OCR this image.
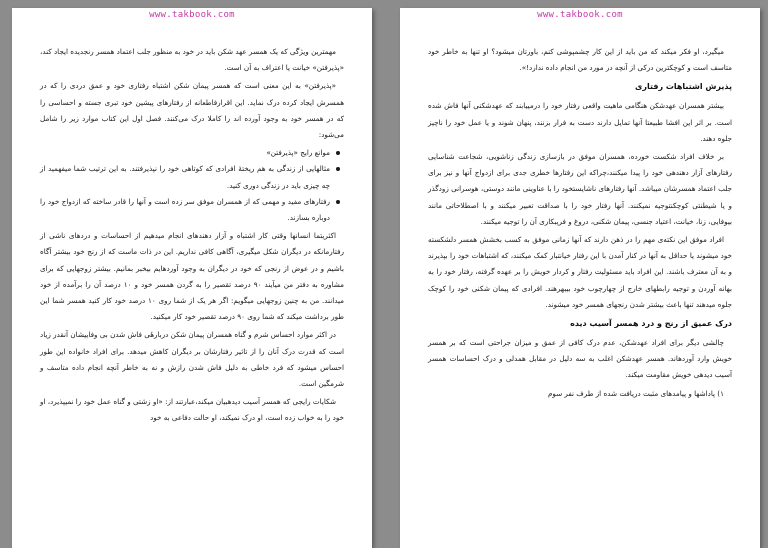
www.takbook.com

مهمترین ویژگی که یک همسر عهد شکن باید در خود به منظور جلب اعتماد همسر رنجدیده ایجاد کند، «پذیرفتن» خیانت یا اعتراف به آن است.

«پذیرفتن» به این معنی است که همسر پیمان شکن اشتباه رفتاری خود و عمق دردی را که در همسرش ایجاد کرده درک نماید. این اقرارفاطعانه از رفتارهای پیشین خود تبری جسته و احساسی را که در همسر خود به وجود آورده اند را کاملا درک می‌کنند. فصل اول این کتاب موارد زیر را شامل می‌شود:

موانع رایج «پذیرفتن»
مثالهایی از زندگی به هم ریختهٔ افرادی که کوتاهی خود را نپذیرفتند. به این ترتیب شما میفهمید از چه چیزی باید در زندگی دوری کنید.
رفتارهای مفید و مهمی که از همسران موفق سر زده است و آنها را قادر ساخته که ازدواج خود را دوباره بسازند.

اکثریتما انسانها وقتی کار اشتباه و آزار دهندهای انجام میدهیم از احساسات و دردهای ناشی از رفتارمانکه در دیگران شکل میگیری، آگاهی کافی نداریم. این در ذات ماست که از رنج خود بیشتر آگاه باشیم و در عوض از رنجی که خود در دیگران به وجود آوردهایم بیخبر بمانیم. بیشتر زوجهایی که برای مشاوره به دفتر من میآیند ۹۰ درصد تقصیر را به گردن همسر خود و ۱۰ درصد آن را برآمده از خود میدانند. من به چنین زوجهایی میگویم: اگر هر یک از شما روی ۱۰ درصد خود کار کنید همسر شما این طور برداشت میکند که شما روی ۹۰ درصد تقصیر خود کار میکنید.

در اکثر موارد احساس شرم و گناه همسران پیمان شکن دربارهٔی فاش شدن بی وفاییشان آنقدر زیاد است که قدرت درک آنان را از تاثیر رفتارشان بر دیگران کاهش میدهد. برای افراد خانواده این طور احساس میشود که فرد خاطی به دلیل فاش شدن رازش و نه به خاطر آنچه انجام داده متاسف و شرمگین است.

شکایات رایجی که همسر آسیب دیدهبیان میکند،عبارتند از: «او زشتی و گناه عمل خود را نمیپذیرد، او خود را به خواب زده است، او درک نمیکند، او حالت دفاعی به خود

www.takbook.com

میگیرد، او فکر میکند که من باید از این کار چشمپوشی کنم، باورتان میشود؟ او تنها به خاطر خود متاسف است و کوچکترین درکی از آنچه در مورد من انجام داده ندارد!».

پذیرش اشتباهات رفتاری

بیشتر همسران عهدشکن هنگامی ماهیت واقعی رفتار خود را درمییابند که عهدشکنی آنها فاش شده است. بر اثر این افشا طبیعتا آنها تمایل دارند دست به فرار بزنند، پنهان شوند و یا عمل خود را ناچیز جلوه دهند.

بر خلاف افراد شکست خورده، همسران موفق در بازسازی زندگی زناشویی، شجاعت شناسایی رفتارهای آزار دهندهی خود را پیدا میکنند،چراکه این رفتارها خطری جدی برای ازدواج آنها و نیز برای جلب اعتماد همسرشان میباشد. آنها رفتارهای ناشایستخود را با عناوینی مانند دوستی، هوسرانی زودگذر و یا شیطنتی کوچکنتوجیه نمیکنند. آنها رفتار خود را با صداقت تعبیر میکنند و با اصطلاحاتی مانند بیوفایی، زنا، خیانت، اعتیاد جنسی، پیمان شکنی، دروغ و فریبکاری آن را توجیه میکنند.

افراد موفق این نکته‌ی مهم را در ذهن دارند که آنها زمانی موفق به کسب بخشش همسر دلشکسته خود میشوند یا حداقل به آنها در کنار آمدن با این رفتار خیانتبار کمک میکنند، که اشتباهات خود را بپذیرند و به آن معترف باشند. این افراد باید مسئولیت رفتار و کردار خویش را بر عهده گرفته، رفتار خود را به بهانه آوردن و توجیه رابطهای خارج از چهارچوب خود بیبهرهند. افرادی که پیمان شکنی خود را کوچک جلوه میدهند تنها باعث بیشتر شدن رنجهای همسر خود میشوند.

درک عمیق از رنج و درد همسر آسیب دیده

چالشی دیگر برای افراد عهدشکن، عدم درک کافی از عمق و میزان جراحتی است که بر همسر خویش وارد آوردهاند. همسر عهدشکن اغلب به سه دلیل در مقابل همدلی و درک احساسات همسر آسیب دیدهی خویش مقاومت میکند.

۱) پاداشها و پیامدهای مثبت دریافت شده از طرف نفر سوم
